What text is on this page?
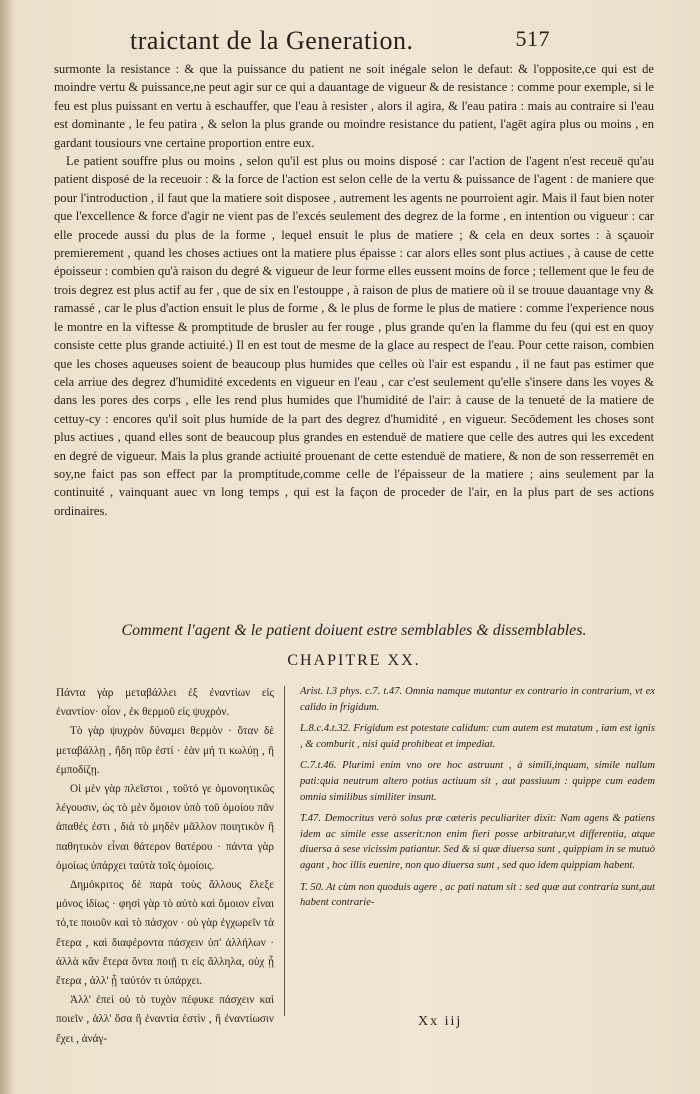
traictant de la Generation.	517

surmonte la resistance : & que la puissance du patient ne soit inégale selon le defaut: & l'opposite,ce qui est de moindre vertu & puissance,ne peut agir sur ce qui a dauantage de vigueur & de resistance : comme pour exemple, si le feu est plus puissant en vertu à eschauffer, que l'eau à resister , alors il agira, & l'eau patira : mais au contraire si l'eau est dominante , le feu patira , & selon la plus grande ou moindre resistance du patient, l'agēt agira plus ou moins , en gardant tousiours vne certaine proportion entre eux.

Le patient souffre plus ou moins , selon qu'il est plus ou moins disposé : car l'action de l'agent n'est receuë qu'au patient disposé de la receuoir : & la force de l'action est selon celle de la vertu & puissance de l'agent : de maniere que pour l'introduction , il faut que la matiere soit disposee , autrement les agents ne pourroient agir. Mais il faut bien noter que l'excellence & force d'agir ne vient pas de l'excés seulement des degrez de la forme , en intention ou vigueur : car elle procede aussi du plus de la forme , lequel ensuit le plus de matiere ; & cela en deux sortes : à sçauoir premierement , quand les choses actiues ont la matiere plus épaisse : car alors elles sont plus actiues , à cause de cette époisseur : combien qu'à raison du degré & vigueur de leur forme elles eussent moins de force ; tellement que le feu de trois degrez est plus actif au fer , que de six en l'estouppe , à raison de plus de matiere où il se trouue dauantage vny & ramassé , car le plus d'action ensuit le plus de forme , & le plus de forme le plus de matiere : comme l'experience nous le montre en la viftesse & promptitude de brusler au fer rouge , plus grande qu'en la flamme du feu (qui est en quoy consiste cette plus grande actiuité.) Il en est tout de mesme de la glace au respect de l'eau. Pour cette raison, combien que les choses aqueuses soient de beaucoup plus humides que celles où l'air est espandu , il ne faut pas estimer que cela arriue des degrez d'humidité excedents en vigueur en l'eau , car c'est seulement qu'elle s'insere dans les voyes & dans les pores des corps , elle les rend plus humides que l'humidité de l'air: à cause de la tenueté de la matiere de cettuy-cy : encores qu'il soit plus humide de la part des degrez d'humidité , en vigueur. Secōdement les choses sont plus actiues , quand elles sont de beaucoup plus grandes en estenduë de matiere que celle des autres qui les excedent en degré de vigueur. Mais la plus grande actiuité prouenant de cette estenduë de matiere, & non de son resserremēt en soy,ne faict pas son effect par la promptitude,comme celle de l'épaisseur de la matiere ; ains seulement par la continuité , vainquant auec vn long temps , qui est la façon de proceder de l'air, en la plus part de ses actions ordinaires.

Comment l'agent & le patient doiuent estre semblables & dissemblables.
CHAPITRE XX.

Πάντα γὰρ μεταβάλλει ἐξ ἐναντίων εἰς ἐναντίον· οἷον , ἐκ θερμοῦ εἰς ψυχρόν.

Τὸ γὰρ ψυχρὸν δύναμει θερμὸν · ὅταν δὲ μεταβάλλῃ , ἤδη πῦρ ἐστί · ἐὰν μή τι κωλύῃ , ἢ ἐμποδίζῃ.

Οἱ μὲν γὰρ πλεῖστοι , τοῦτό γε ὁμονοητικῶς λέγουσιν, ὡς τὸ μὲν ὅμοιον ὑπὸ τοῦ ὁμοίου πᾶν ἀπαθές ἐστι , διὰ τὸ μηδὲν μᾶλλον ποιητικὸν ἢ παθητικὸν εἶναι θάτερον θατέρου · πάντα γὰρ ὁμοίως ὑπάρχει ταὐτὰ τοῖς ὁμοίοις.

Δημόκριτος δὲ παρὰ τοὺς ἄλλους ἔλεξε μόνος ἰδίως · φησὶ γὰρ τὸ αὐτὸ καὶ ὅμοιον εἶναι τό,τε ποιοῦν καὶ τὸ πάσχον · οὐ γὰρ ἐγχωρεῖν τὰ ἕτερα , καὶ διαφέροντα πάσχειν ὑπ' ἀλλήλων · ἀλλὰ κἂν ἕτερα ὄντα ποιῇ τι εἰς ἄλληλα, οὐχ ᾗ ἕτερα , ἀλλ' ᾗ ταὐτόν τι ὑπάρχει.

Ἀλλ' ἐπεὶ οὐ τὸ τυχὸν πέφυκε πάσχειν καὶ ποιεῖν , ἀλλ' ὅσα ἢ ἐναντία ἐστὶν , ἢ ἐναντίωσιν ἔχει , ἀνάγ-

Arist. l.3 phys. c.7. t.47. Omnia namque mutantur ex contrario in contrarium, vt ex calido in frigidum.

L.8.c.4.t.32. Frigidum est potestate calidum: cum autem est mutatum , iam est ignis , & comburit , nisi quid prohibeat et impediat.

C.7.t.46. Plurimi enim vno ore hoc astruunt , à simili,inquam, simile nullum pati:quia neutrum altero potius actiuum sit , aut passiuum : quippe cum eadem omnia similibus similiter insunt.

T.47. Democritus verò solus præ cæteris peculiariter dixit: Nam agens & patiens idem ac simile esse asserit:non enim fieri posse arbitratur,vt differentia, atque diuersa à sese vicissim patiantur. Sed & si quæ diuersa sunt , quippiam in se mutuò agant , hoc illis euenire, non quo diuersa sunt , sed quo idem quippiam habent.

T. 50. At cùm non quoduis agere , ac pati natum sit : sed quæ aut contraria sunt,aut habent contrarie-

Xx iij
